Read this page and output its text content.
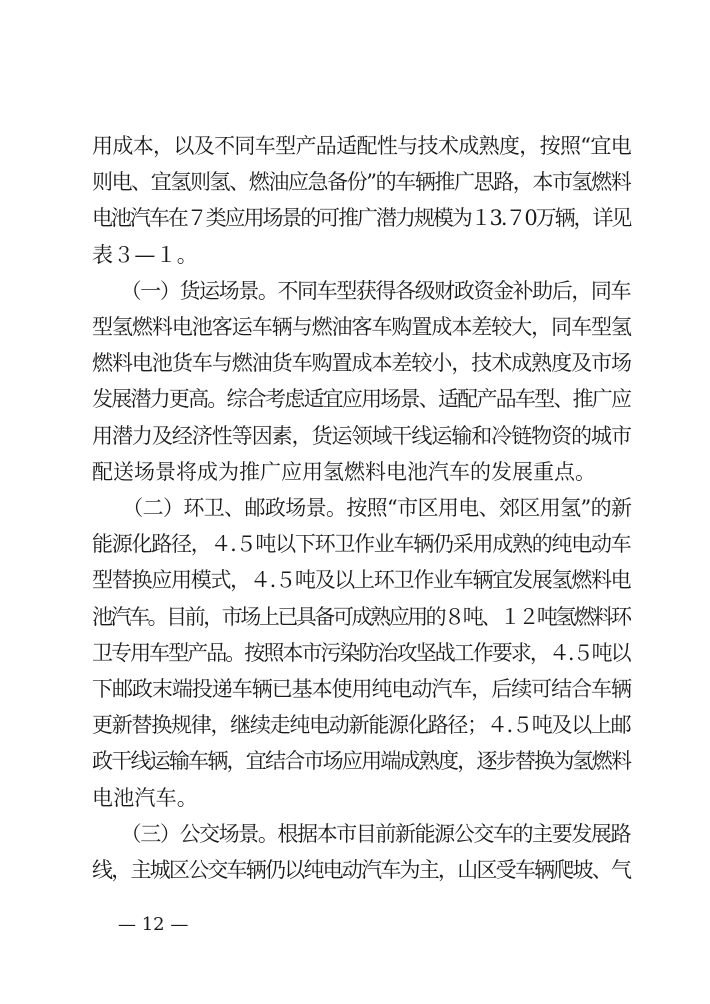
用成本，以及不同车型产品适配性与技术成熟度，按照“宜电
则电、宜氢则氢、燃油应急备份”的车辆推广思路，本市氢燃料
电池汽车在７类应用场景的可推广潜力规模为１3.７0万辆，详见
表３—１。
　　（一）货运场景。不同车型获得各级财政资金补助后，同车
型氢燃料电池客运车辆与燃油客车购置成本差较大，同车型氢
燃料电池货车与燃油货车购置成本差较小，技术成熟度及市场
发展潜力更高。综合考虑适宜应用场景、适配产品车型、推广应
用潜力及经济性等因素，货运领域干线运输和冷链物资的城市
配送场景将成为推广应用氢燃料电池汽车的发展重点。
　　（二）环卫、邮政场景。按照“市区用电、郊区用氢”的新
能源化路径，４.５吨以下环卫作业车辆仍采用成熟的纯电动车
型替换应用模式，４.５吨及以上环卫作业车辆宜发展氢燃料电
池汽车。目前，市场上已具备可成熟应用的８吨、１２吨氢燃料环
卫专用车型产品。按照本市污染防治攻坚战工作要求，４.５吨以
下邮政末端投递车辆已基本使用纯电动汽车，后续可结合车辆
更新替换规律，继续走纯电动新能源化路径；４.５吨及以上邮
政干线运输车辆，宜结合市场应用端成熟度，逐步替换为氢燃料
电池汽车。
　　（三）公交场景。根据本市目前新能源公交车的主要发展路
线，主城区公交车辆仍以纯电动汽车为主，山区受车辆爬坡、气
— 12 —
